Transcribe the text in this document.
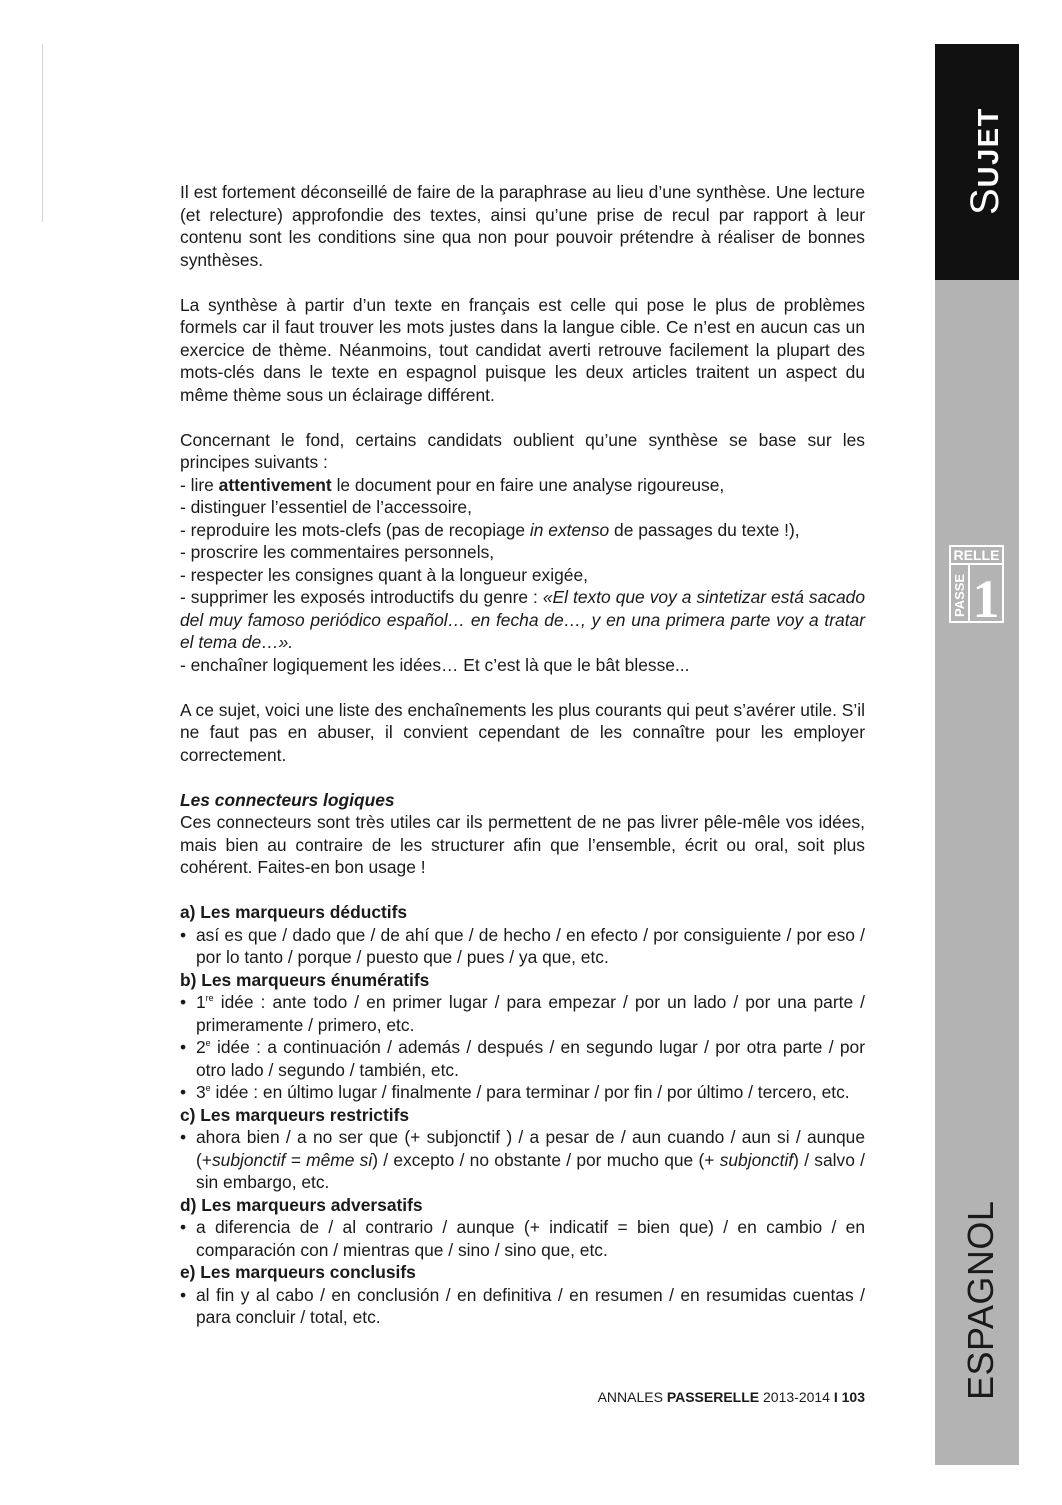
SUJET
RELLE
PASSE 1
ESPAGNOL

Il est fortement déconseillé de faire de la paraphrase au lieu d’une synthèse. Une lecture (et relecture) approfondie des textes, ainsi qu’une prise de recul par rapport à leur contenu sont les conditions sine qua non pour pouvoir prétendre à réaliser de bonnes synthèses.

La synthèse à partir d’un texte en français est celle qui pose le plus de problèmes formels car il faut trouver les mots justes dans la langue cible. Ce n’est en aucun cas un exercice de thème. Néanmoins, tout candidat averti retrouve facilement la plupart des mots-clés dans le texte en espagnol puisque les deux articles traitent un aspect du même thème sous un éclairage différent.

Concernant le fond, certains candidats oublient qu’une synthèse se base sur les principes suivants :
- lire attentivement le document pour en faire une analyse rigoureuse,
- distinguer l’essentiel de l’accessoire,
- reproduire les mots-clefs (pas de recopiage in extenso de passages du texte !),
- proscrire les commentaires personnels,
- respecter les consignes quant à la longueur exigée,
- supprimer les exposés introductifs du genre : «El texto que voy a sintetizar está sacado del muy famoso periódico español… en fecha de…, y en una primera parte voy a tratar el tema de…».
- enchaîner logiquement les idées… Et c’est là que le bât blesse...

A ce sujet, voici une liste des enchaînements les plus courants qui peut s’avérer utile. S’il ne faut pas en abuser, il convient cependant de les connaître pour les employer correctement.

Les connecteurs logiques
Ces connecteurs sont très utiles car ils permettent de ne pas livrer pêle-mêle vos idées, mais bien au contraire de les structurer afin que l’ensemble, écrit ou oral, soit plus cohérent. Faites-en bon usage !
a) Les marqueurs déductifs
• así es que / dado que / de ahí que / de hecho / en efecto / por consiguiente / por eso / por lo tanto / porque / puesto que / pues / ya que, etc.
b) Les marqueurs énumératifs
• 1re idée : ante todo / en primer lugar / para empezar / por un lado / por una parte / primeramente / primero, etc.
• 2e idée : a continuación / además / después / en segundo lugar / por otra parte / por otro lado / segundo / también, etc.
• 3e idée : en último lugar / finalmente / para terminar / por fin / por último / tercero, etc.
c) Les marqueurs restrictifs
• ahora bien / a no ser que (+ subjonctif ) / a pesar de / aun cuando / aun si / aunque (+subjonctif = même si) / excepto / no obstante / por mucho que (+ subjonctif) / salvo / sin embargo, etc.
d) Les marqueurs adversatifs
• a diferencia de / al contrario / aunque (+ indicatif = bien que) / en cambio / en comparación con / mientras que / sino / sino que, etc.
e) Les marqueurs conclusifs
• al fin y al cabo / en conclusión / en definitiva / en resumen / en resumidas cuentas / para concluir / total, etc.
ANNALES PASSERELLE 2013-2014 I 103
